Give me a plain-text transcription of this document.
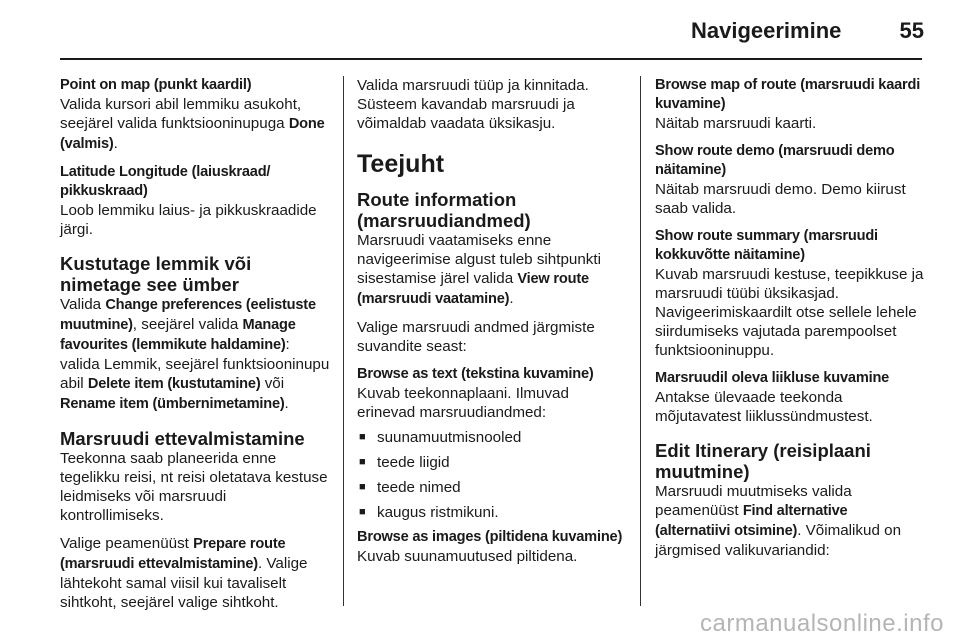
Navigeerimine	55

Point on map (punkt kaardil)
Valida kursori abil lemmiku asukoht, seejärel valida funktsiooninupuga Done (valmis).

Latitude Longitude (laiuskraad/ pikkuskraad)
Loob lemmiku laius- ja pikkuskraadide järgi.

Kustutage lemmik või nimetage see ümber

Valida Change preferences (eelistuste muutmine), seejärel valida Manage favourites (lemmikute haldamine): valida Lemmik, seejärel funktsiooninupu abil Delete item (kustutamine) või Rename item (ümbernimetamine).

Marsruudi ettevalmistamine

Teekonna saab planeerida enne tegelikku reisi, nt reisi oletatava kestuse leidmiseks või marsruudi kontrollimiseks.

Valige peamenüüst Prepare route (marsruudi ettevalmistamine). Valige lähtekoht samal viisil kui tavaliselt sihtkoht, seejärel valige sihtkoht.

Valida marsruudi tüüp ja kinnitada. Süsteem kavandab marsruudi ja võimaldab vaadata üksikasju.

Teejuht
Route information (marsruudiandmed)

Marsruudi vaatamiseks enne navigeerimise algust tuleb sihtpunkti sisestamise järel valida View route (marsruudi vaatamine).

Valige marsruudi andmed järgmiste suvandite seast:

Browse as text (tekstina kuvamine)
Kuvab teekonnaplaani. Ilmuvad erinevad marsruudiandmed:

■ suunamuutmisnooled
■ teede liigid
■ teede nimed
■ kaugus ristmikuni.

Browse as images (piltidena kuvamine)
Kuvab suunamuutused piltidena.

Browse map of route (marsruudi kaardi kuvamine)
Näitab marsruudi kaarti.

Show route demo (marsruudi demo näitamine)
Näitab marsruudi demo. Demo kiirust saab valida.

Show route summary (marsruudi kokkuvõtte näitamine)
Kuvab marsruudi kestuse, teepikkuse ja marsruudi tüübi üksikasjad. Navigeerimiskaardilt otse sellele lehele siirdumiseks vajutada parempoolset funktsiooninuppu.

Marsruudil oleva liikluse kuvamine
Antakse ülevaade teekonda mõjutavatest liiklussündmustest.

Edit Itinerary (reisiplaani muutmine)

Marsruudi muutmiseks valida peamenüüst Find alternative (alternatiivi otsimine). Võimalikud on järgmised valikuvariandid:

carmanualsonline.info
